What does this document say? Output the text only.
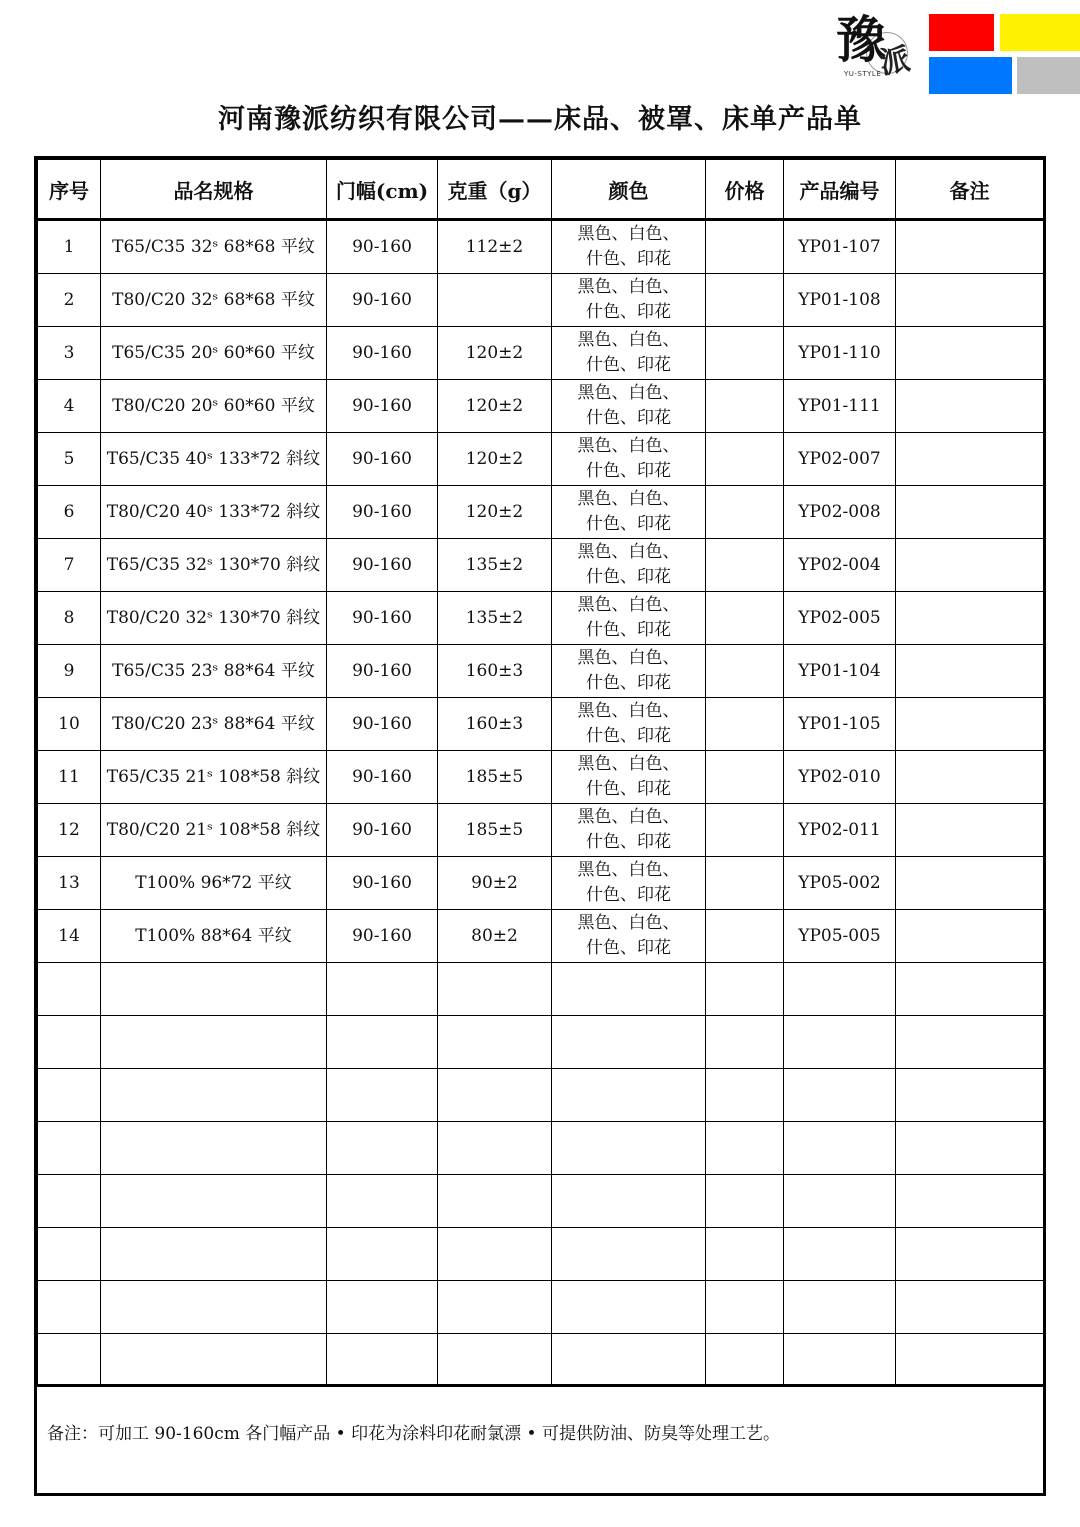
豫
派
YU-STYLE
河南豫派纺织有限公司——床品、被罩、床单产品单
序号	品名规格	门幅(cm)	克重（g）	颜色	价格	产品编号	备注
1	T65/C35 32ˢ 68*68 平纹	90-160	112±2	黑色、白色、
什色、印花		YP01-107	
2	T80/C20 32ˢ 68*68 平纹	90-160		黑色、白色、
什色、印花		YP01-108	
3	T65/C35 20ˢ 60*60 平纹	90-160	120±2	黑色、白色、
什色、印花		YP01-110	
4	T80/C20 20ˢ 60*60 平纹	90-160	120±2	黑色、白色、
什色、印花		YP01-111	
5	T65/C35 40ˢ 133*72 斜纹	90-160	120±2	黑色、白色、
什色、印花		YP02-007	
6	T80/C20 40ˢ 133*72 斜纹	90-160	120±2	黑色、白色、
什色、印花		YP02-008	
7	T65/C35 32ˢ 130*70 斜纹	90-160	135±2	黑色、白色、
什色、印花		YP02-004	
8	T80/C20 32ˢ 130*70 斜纹	90-160	135±2	黑色、白色、
什色、印花		YP02-005	
9	T65/C35 23ˢ 88*64 平纹	90-160	160±3	黑色、白色、
什色、印花		YP01-104	
10	T80/C20 23ˢ 88*64 平纹	90-160	160±3	黑色、白色、
什色、印花		YP01-105	
11	T65/C35 21ˢ 108*58 斜纹	90-160	185±5	黑色、白色、
什色、印花		YP02-010	
12	T80/C20 21ˢ 108*58 斜纹	90-160	185±5	黑色、白色、
什色、印花		YP02-011	
13	T100% 96*72 平纹	90-160	90±2	黑色、白色、
什色、印花		YP05-002	
14	T100% 88*64 平纹	90-160	80±2	黑色、白色、
什色、印花		YP05-005	

备注：可加工 90-160cm 各门幅产品 • 印花为涂料印花耐氯漂 • 可提供防油、防臭等处理工艺。
